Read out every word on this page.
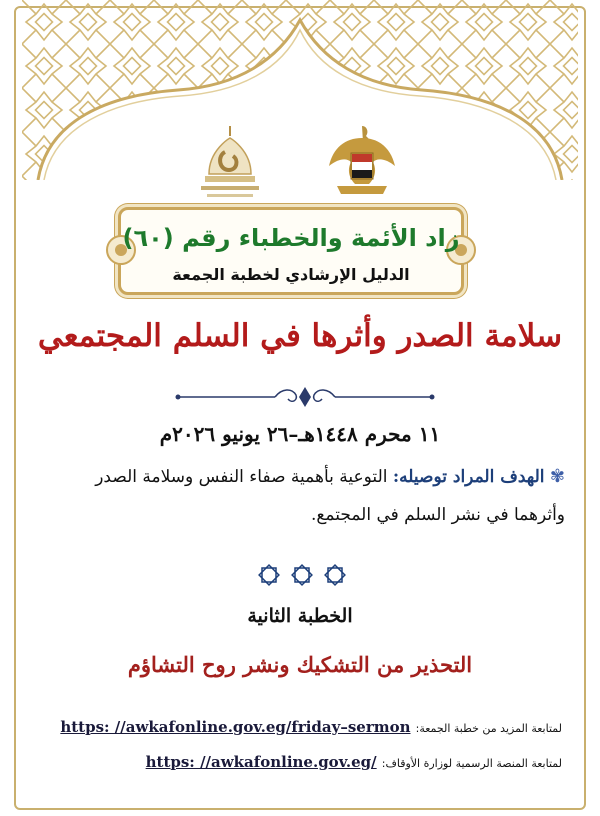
زاد الأئمة والخطباء رقم (٦٠)
الدليل الإرشادي لخطبة الجمعة
سلامة الصدر وأثرها في السلم المجتمعي
١١ محرم ١٤٤٨هـ–٢٦ يونيو ٢٠٢٦م
✾ الهدف المراد توصيله: التوعية بأهمية صفاء النفس وسلامة الصدر وأثرهما في نشر السلم في المجتمع.
الخطبة الثانية
التحذير من التشكيك ونشر روح التشاؤم
لمتابعة المزيد من خطبة الجمعة: https: //awkafonline.gov.eg/friday–sermon
لمتابعة المنصة الرسمية لوزارة الأوقاف: https: //awkafonline.gov.eg/
